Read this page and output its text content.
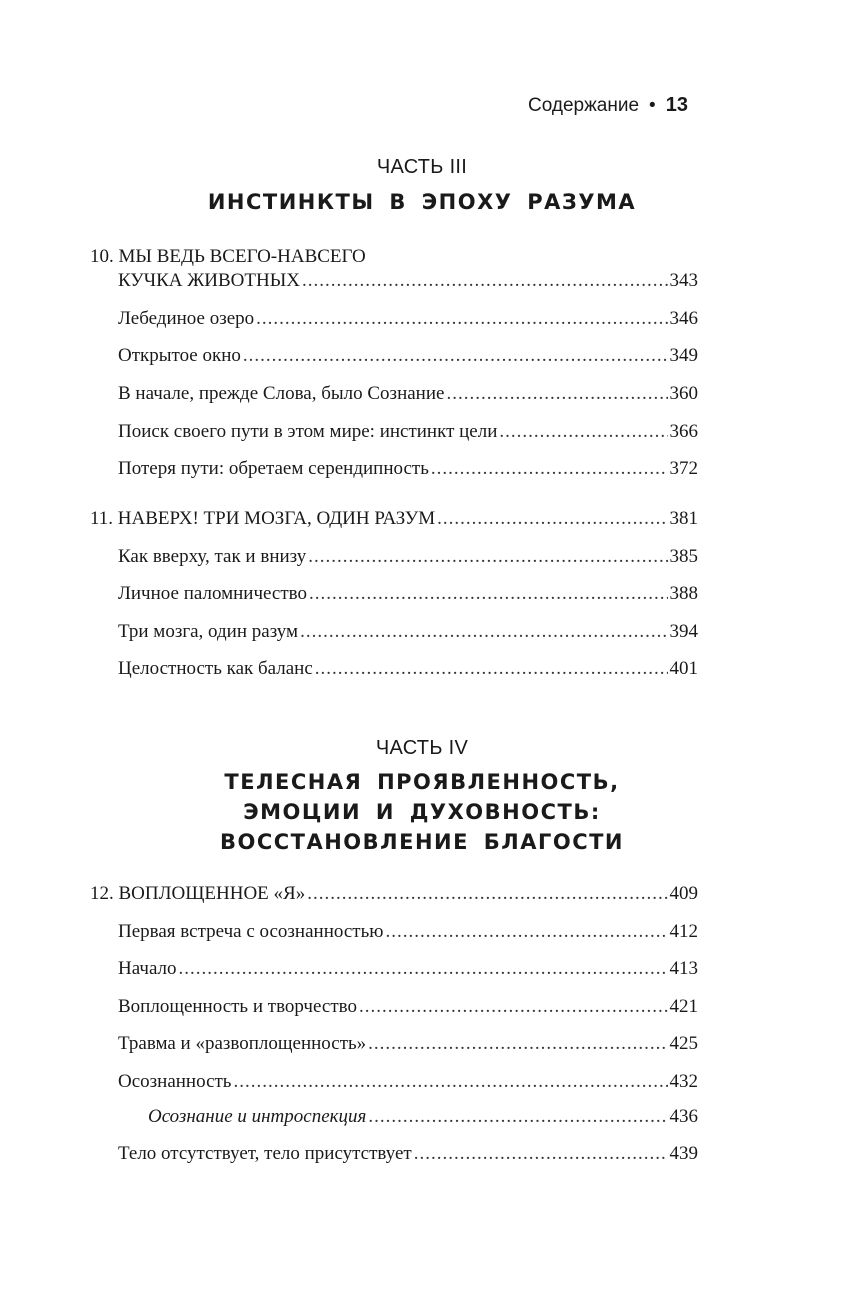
Содержание • 13
ЧАСТЬ III
ИНСТИНКТЫ В ЭПОХУ РАЗУМА
10. МЫ ВЕДЬ ВСЕГО-НАВСЕГО
КУЧКА ЖИВОТНЫХ .....	343
Лебединое озеро .....	346
Открытое окно .....	349
В начале, прежде Слова, было Сознание .....	360
Поиск своего пути в этом мире: инстинкт цели .....	366
Потеря пути: обретаем серендипность .....	372
11. НАВЕРХ! ТРИ МОЗГА, ОДИН РАЗУМ .....	381
Как вверху, так и внизу .....	385
Личное паломничество .....	388
Три мозга, один разум .....	394
Целостность как баланс .....	401
ЧАСТЬ IV
ТЕЛЕСНАЯ ПРОЯВЛЕННОСТЬ,
ЭМОЦИИ И ДУХОВНОСТЬ:
ВОССТАНОВЛЕНИЕ БЛАГОСТИ
12. ВОПЛОЩЕННОЕ «Я» .....	409
Первая встреча с осознанностью .....	412
Начало .....	413
Воплощенность и творчество .....	421
Травма и «развоплощенность» .....	425
Осознанность .....	432
Осознание и интроспекция .....	436
Тело отсутствует, тело присутствует .....	439
